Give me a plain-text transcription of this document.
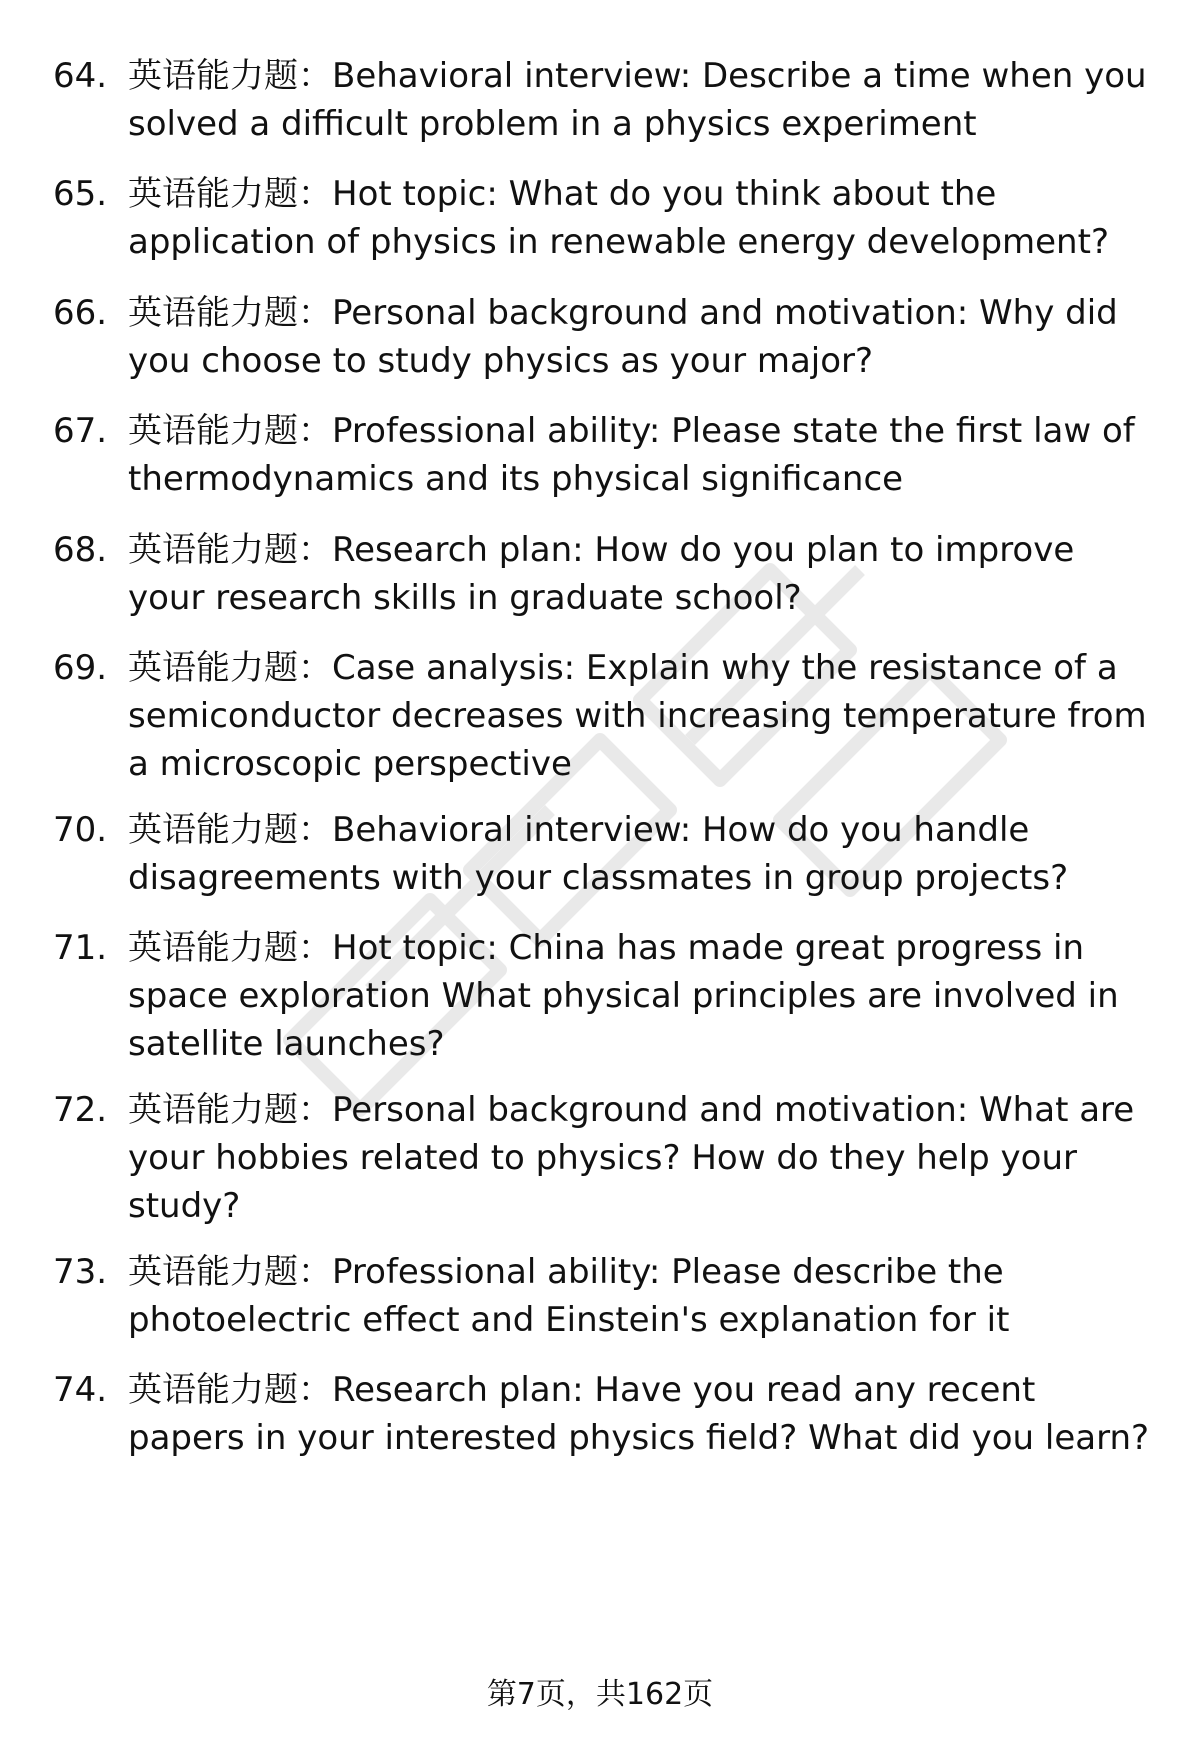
64. 英语能力题：Behavioral interview: Describe a time when you solved a difficult problem in a physics experiment
65. 英语能力题：Hot topic: What do you think about the application of physics in renewable energy development?
66. 英语能力题：Personal background and motivation: Why did you choose to study physics as your major?
67. 英语能力题：Professional ability: Please state the first law of thermodynamics and its physical significance
68. 英语能力题：Research plan: How do you plan to improve your research skills in graduate school?
69. 英语能力题：Case analysis: Explain why the resistance of a semiconductor decreases with increasing temperature from a microscopic perspective
70. 英语能力题：Behavioral interview: How do you handle disagreements with your classmates in group projects?
71. 英语能力题：Hot topic: China has made great progress in space exploration What physical principles are involved in satellite launches?
72. 英语能力题：Personal background and motivation: What are your hobbies related to physics? How do they help your study?
73. 英语能力题：Professional ability: Please describe the photoelectric effect and Einstein's explanation for it
74. 英语能力题：Research plan: Have you read any recent papers in your interested physics field? What did you learn?
第7页，共162页
